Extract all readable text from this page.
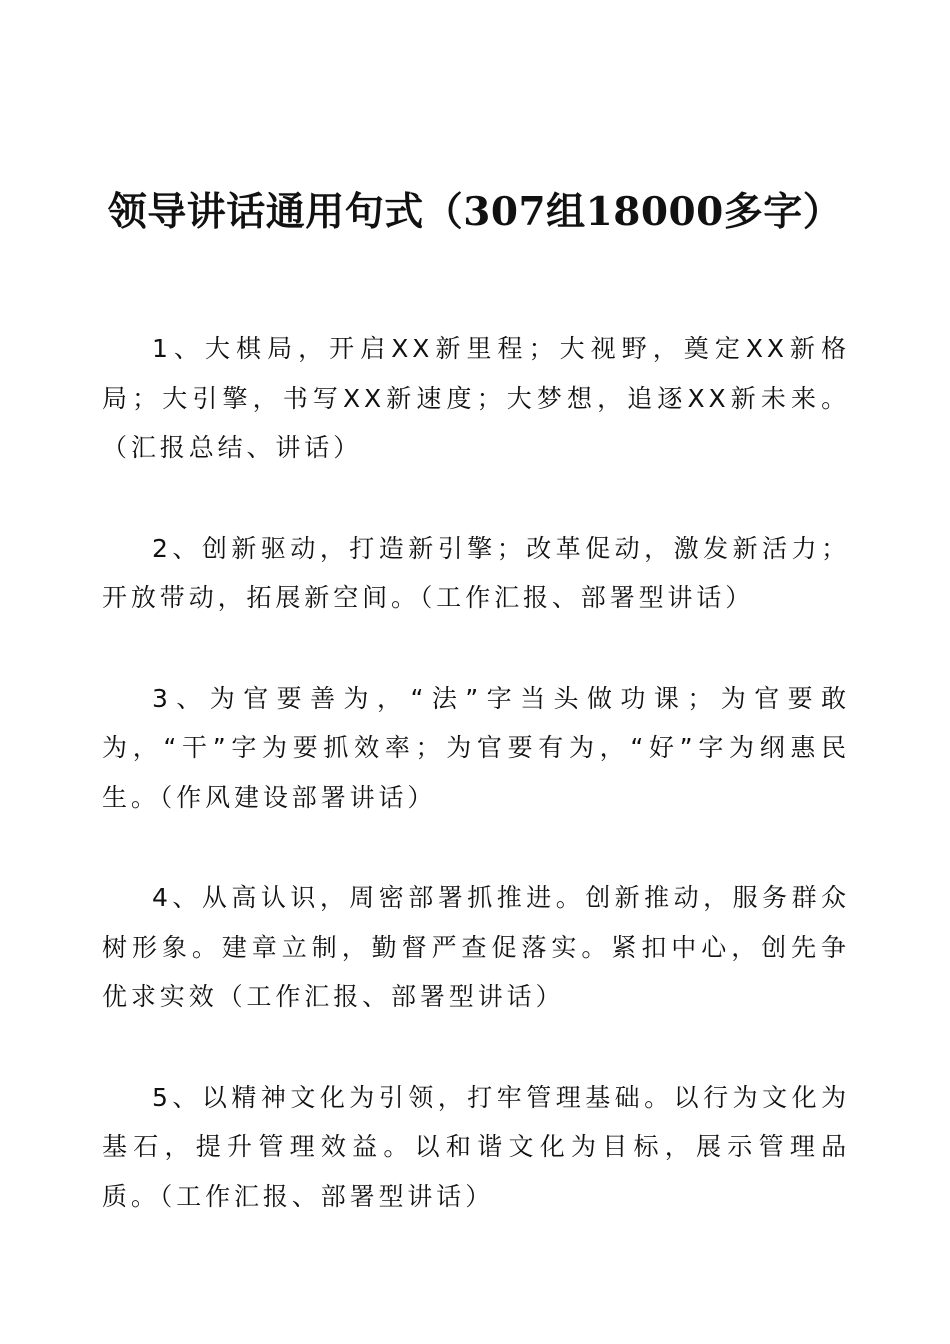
领导讲话通用句式（307组18000多字）

1、大棋局，开启XX新里程；大视野，奠定XX新格局；大引擎，书写XX新速度；大梦想，追逐XX新未来。（汇报总结、讲话）

2、创新驱动，打造新引擎；改革促动，激发新活力；开放带动，拓展新空间。（工作汇报、部署型讲话）

3、为官要善为，“法”字当头做功课；为官要敢为，“干”字为要抓效率；为官要有为，“好”字为纲惠民生。（作风建设部署讲话）

4、从高认识，周密部署抓推进。创新推动，服务群众树形象。建章立制，勤督严查促落实。紧扣中心，创先争优求实效（工作汇报、部署型讲话）

5、以精神文化为引领，打牢管理基础。以行为文化为基石，提升管理效益。以和谐文化为目标，展示管理品质。（工作汇报、部署型讲话）
